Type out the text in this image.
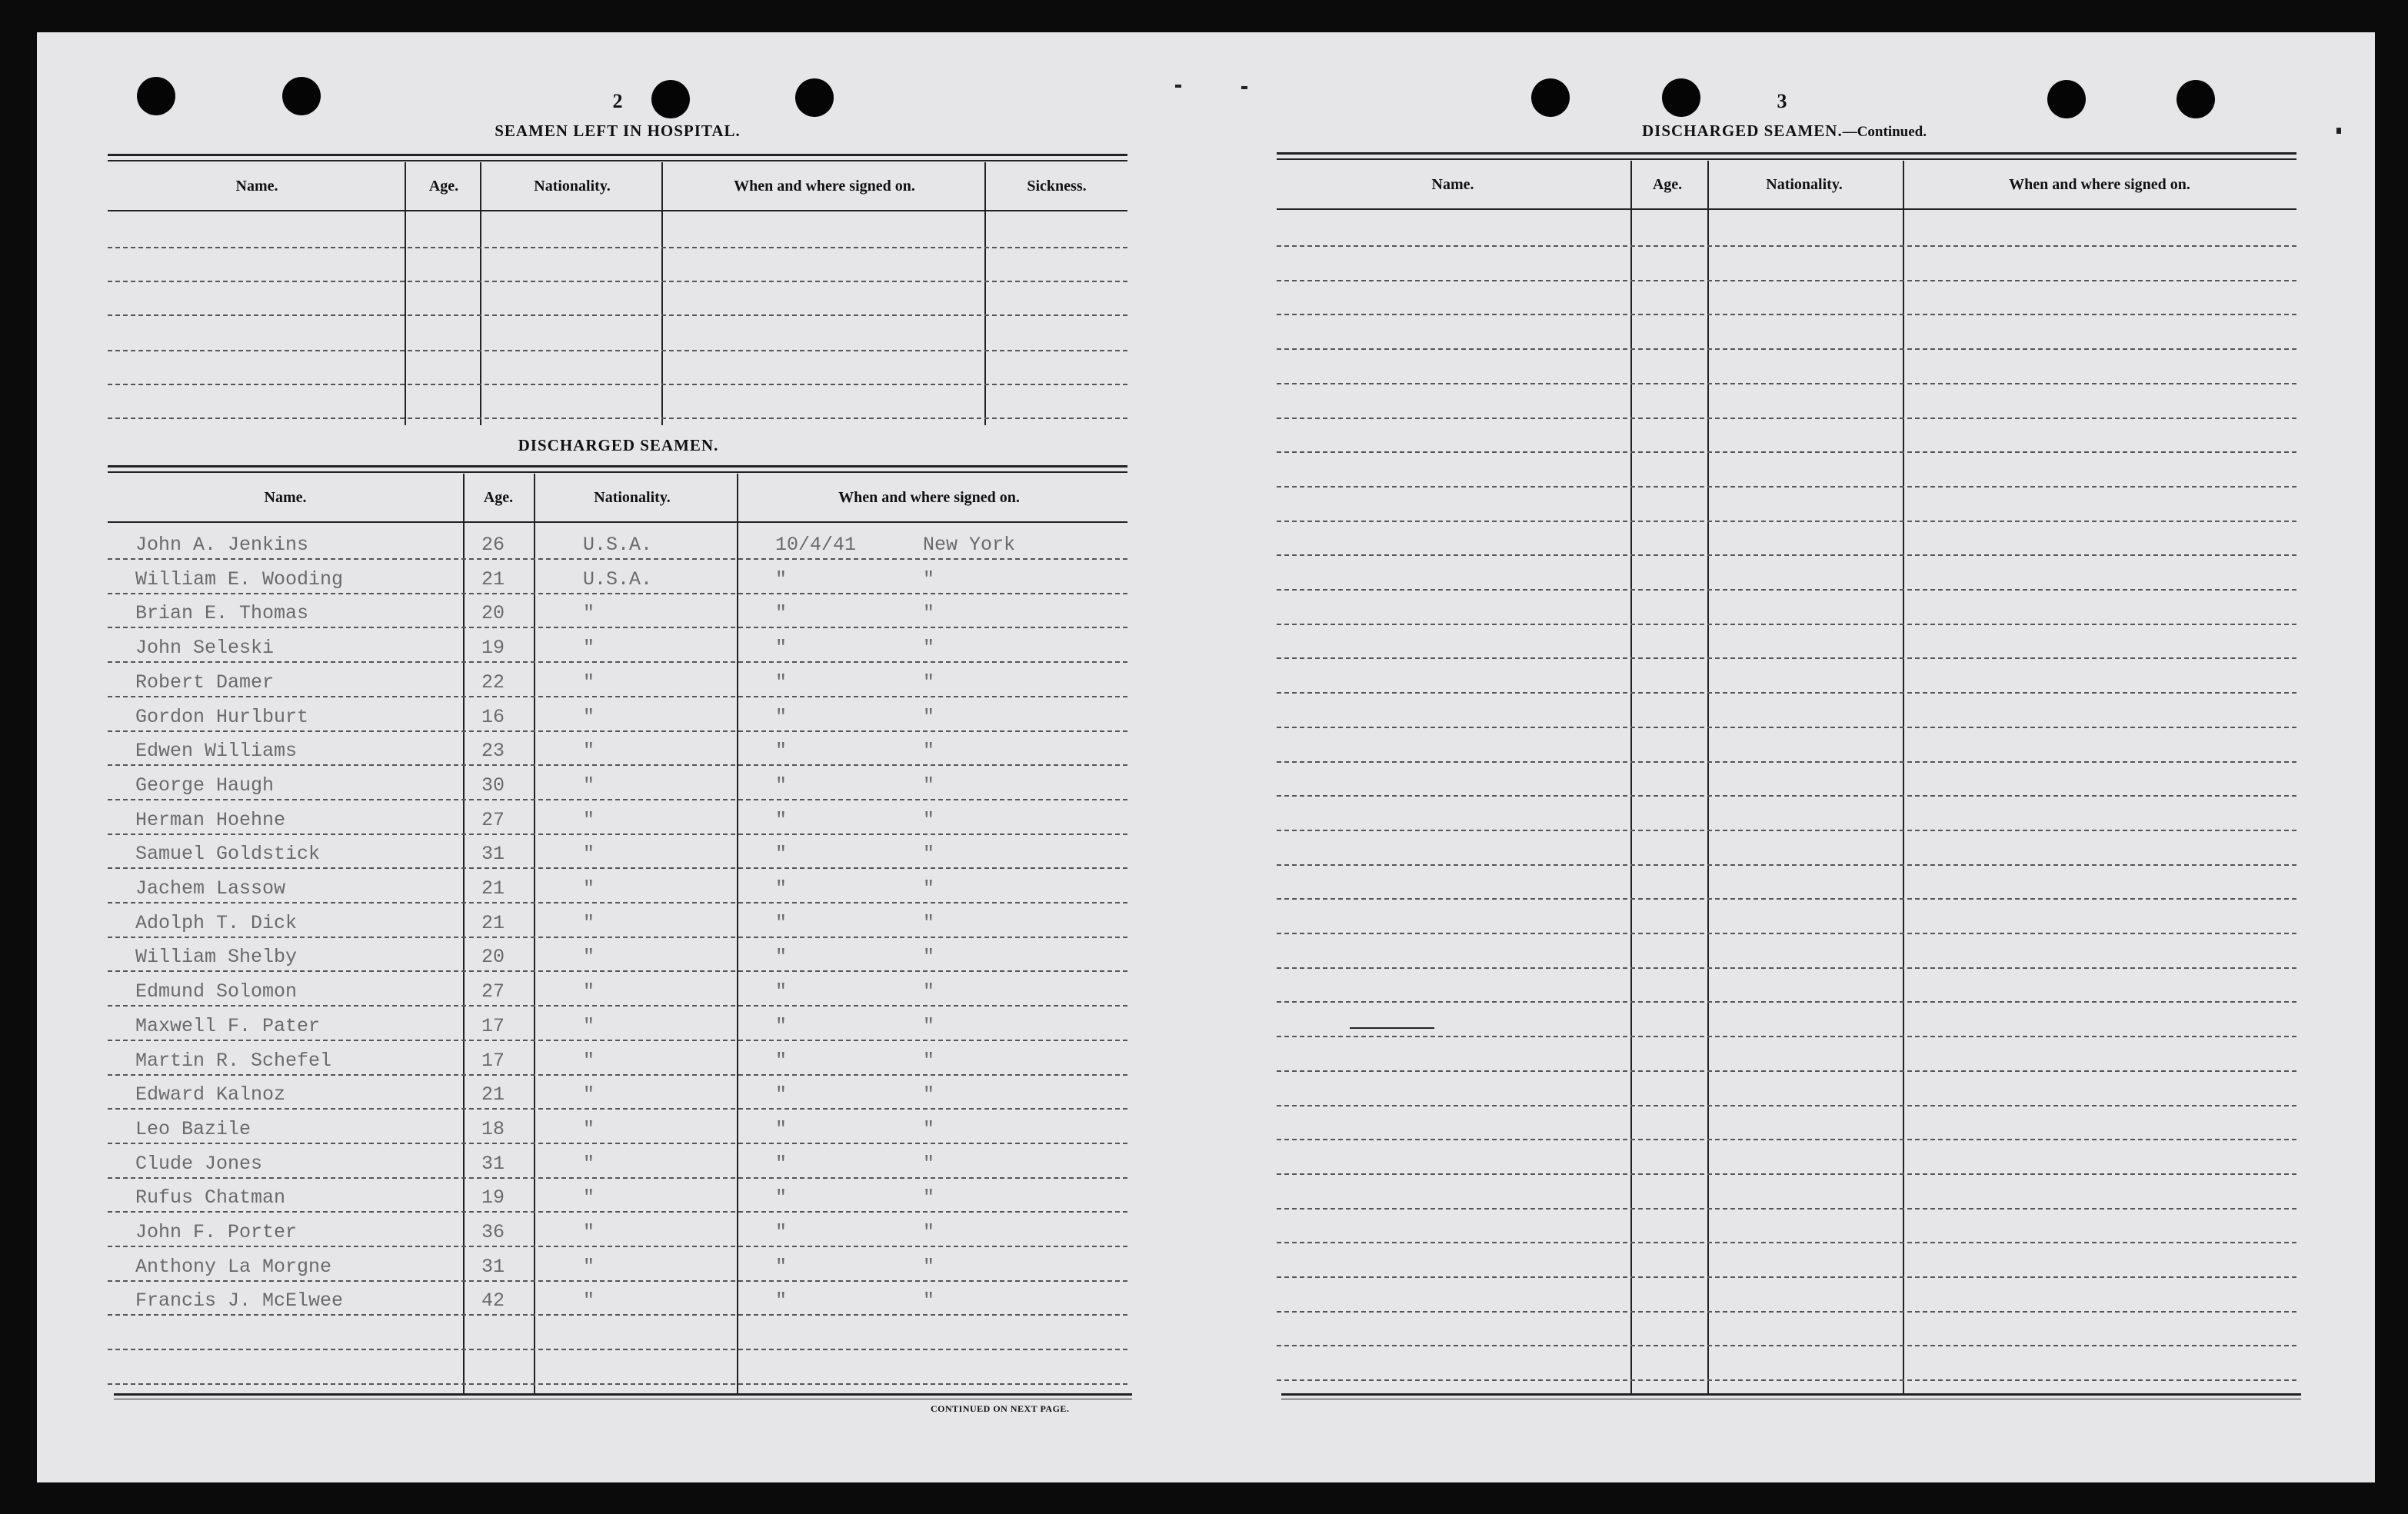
2
SEAMEN LEFT IN HOSPITAL.
Name.	Age.	Nationality.	When and where signed on.	Sickness.
DISCHARGED SEAMEN.
Name.	Age.	Nationality.	When and where signed on.
John A. Jenkins	26	U.S.A.	10/4/41	New York
William E. Wooding	21	U.S.A.	"	"
Brian E. Thomas	20	"	"	"
John Seleski	19	"	"	"
Robert Damer	22	"	"	"
Gordon Hurlburt	16	"	"	"
Edwen Williams	23	"	"	"
George Haugh	30	"	"	"
Herman Hoehne	27	"	"	"
Samuel Goldstick	31	"	"	"
Jachem Lassow	21	"	"	"
Adolph T. Dick	21	"	"	"
William Shelby	20	"	"	"
Edmund Solomon	27	"	"	"
Maxwell F. Pater	17	"	"	"
Martin R. Schefel	17	"	"	"
Edward Kalnoz	21	"	"	"
Leo Bazile	18	"	"	"
Clude Jones	31	"	"	"
Rufus Chatman	19	"	"	"
John F. Porter	36	"	"	"
Anthony La Morgne	31	"	"	"
Francis J. McElwee	42	"	"	"
CONTINUED ON NEXT PAGE.
3
DISCHARGED SEAMEN.—Continued.
Name.	Age.	Nationality.	When and where signed on.
